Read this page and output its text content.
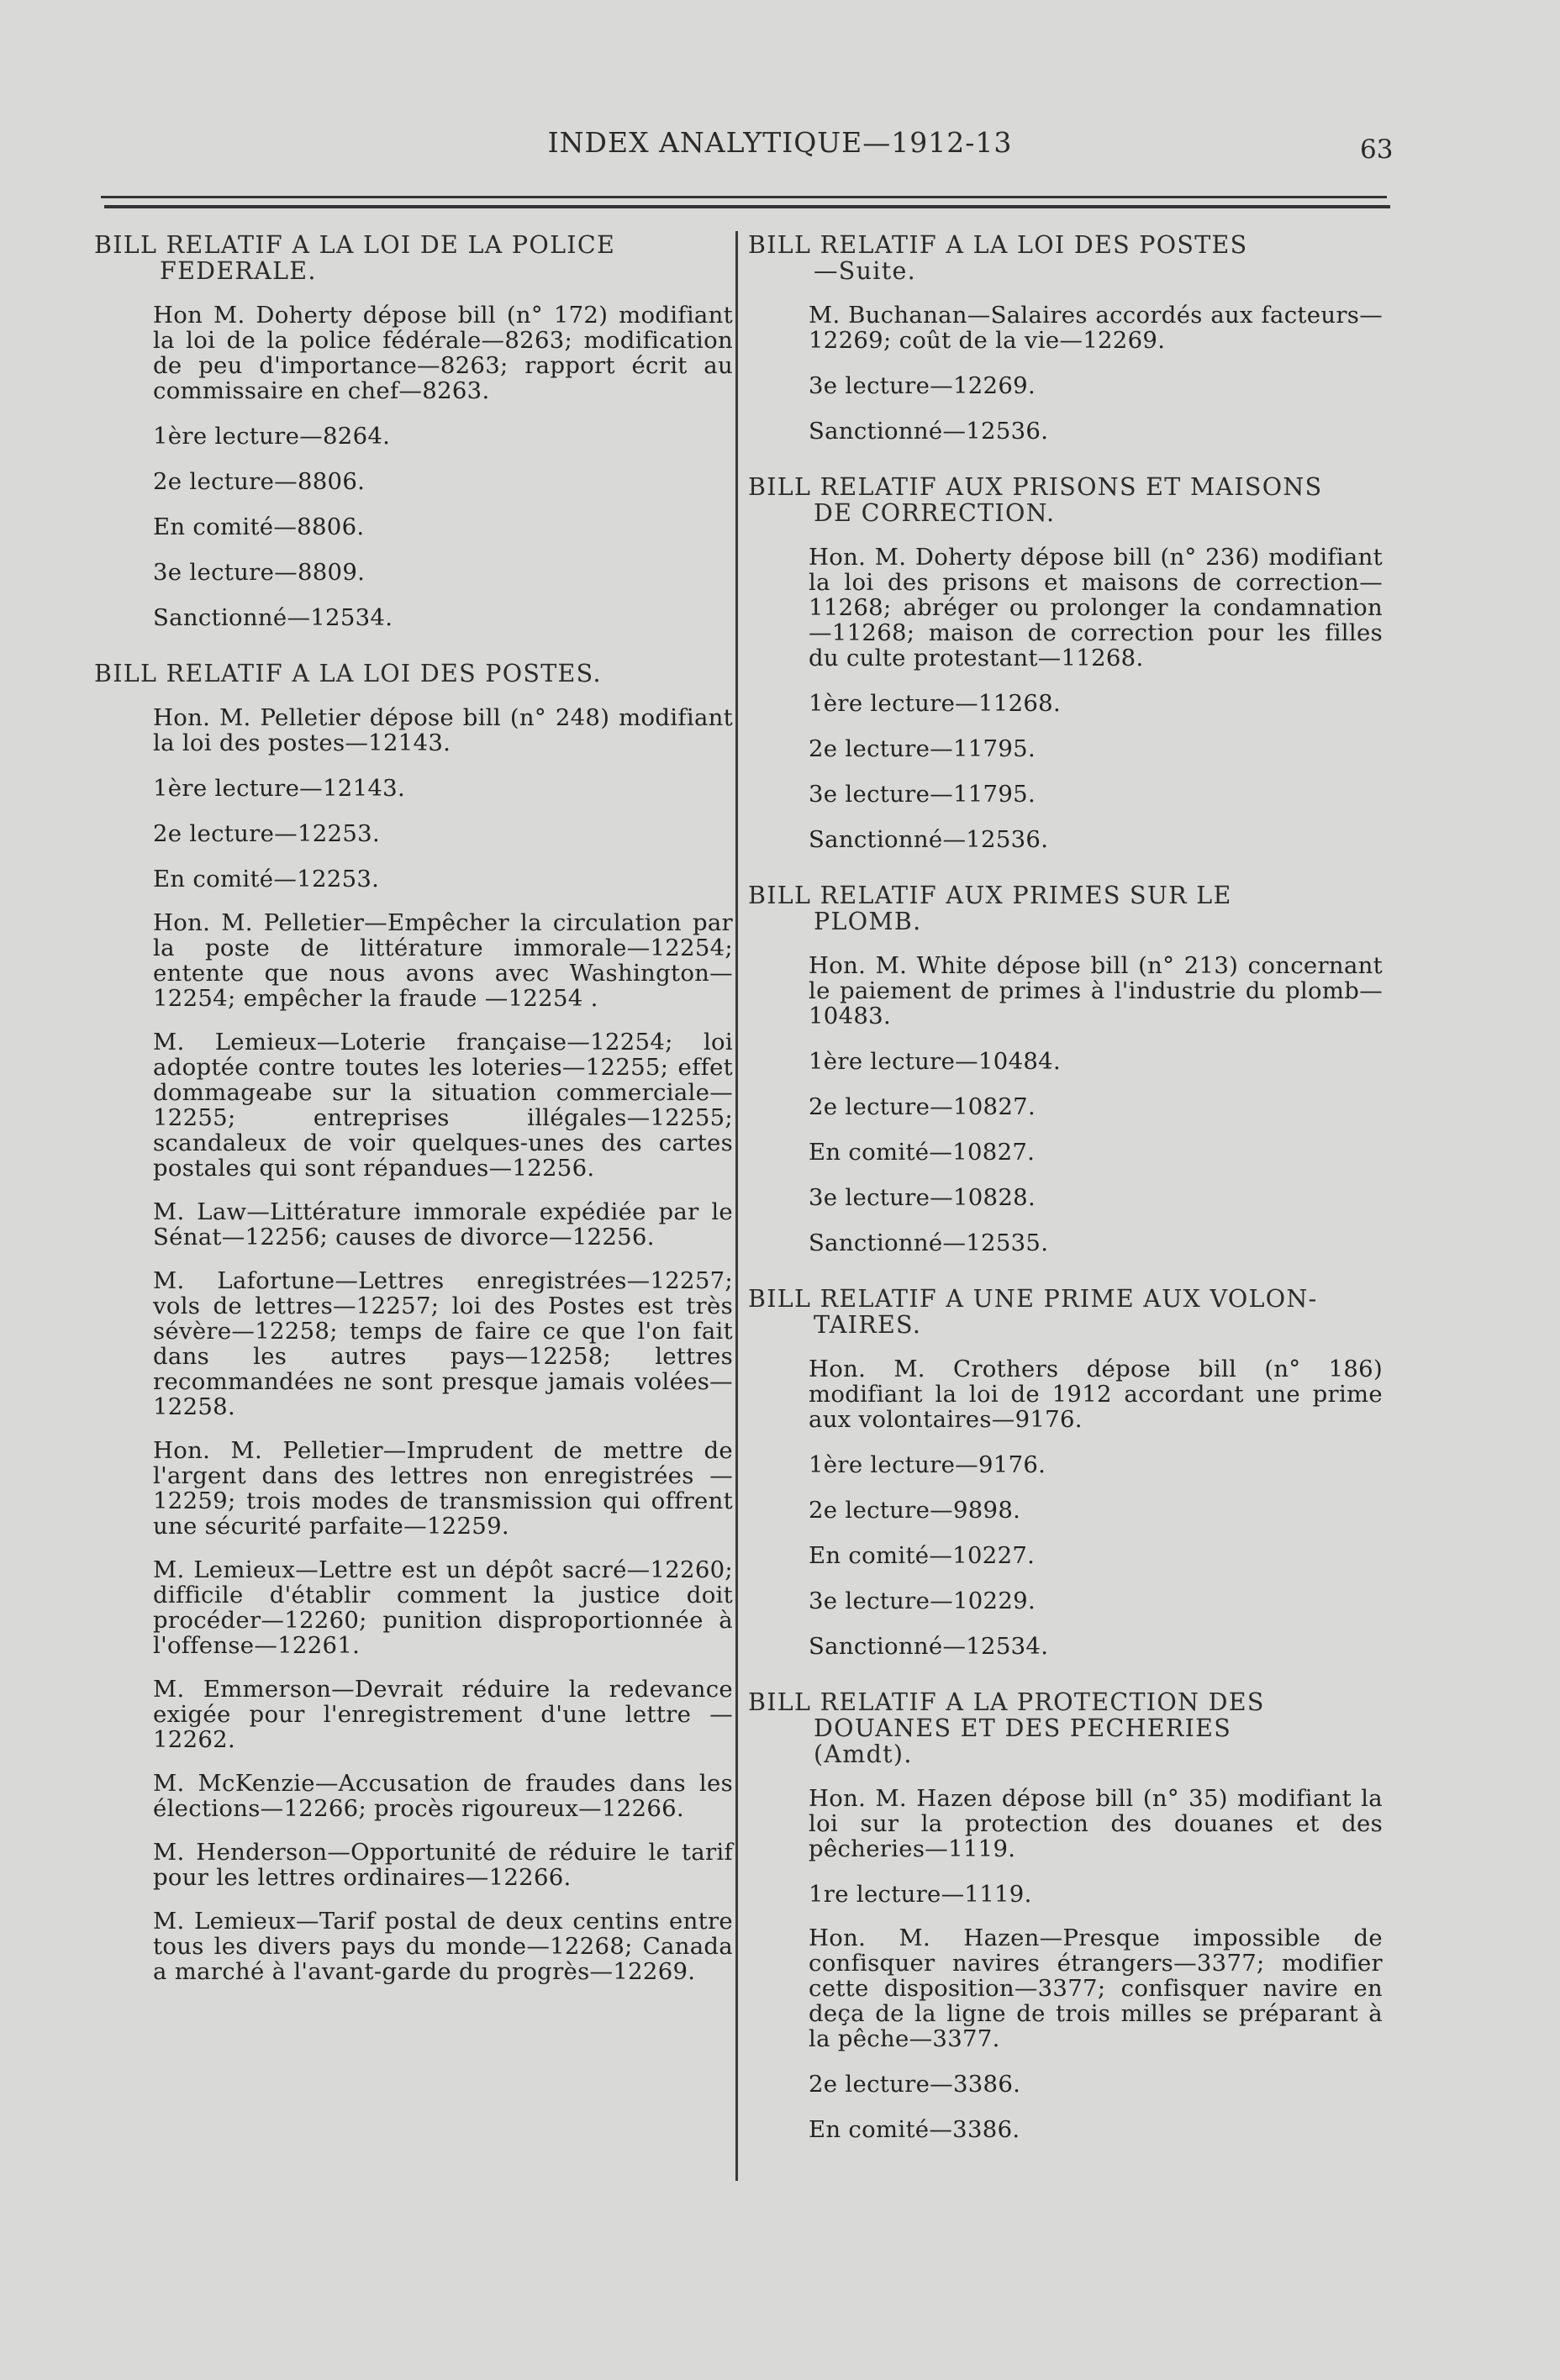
INDEX ANALYTIQUE—1912-13	63
BILL RELATIF A LA LOI DE LA POLICE
FEDERALE.
Hon M. Doherty dépose bill (n° 172) modifiant la loi de la police fédérale—8263; modification de peu d'importance—8263; rapport écrit au commissaire en chef—8263.
1ère lecture—8264.
2e lecture—8806.
En comité—8806.
3e lecture—8809.
Sanctionné—12534.
BILL RELATIF A LA LOI DES POSTES.
Hon. M. Pelletier dépose bill (n° 248) modifiant la loi des postes—12143.
1ère lecture—12143.
2e lecture—12253.
En comité—12253.
Hon. M. Pelletier—Empêcher la circulation par la poste de littérature immorale—12254; entente que nous avons avec Washington—12254; empêcher la fraude —12254 .
M. Lemieux—Loterie française—12254; loi adoptée contre toutes les loteries—12255; effet dommageabe sur la situation commerciale—12255; entreprises illégales—12255; scandaleux de voir quelques-unes des cartes postales qui sont répandues—12256.
M. Law—Littérature immorale expédiée par le Sénat—12256; causes de divorce—12256.
M. Lafortune—Lettres enregistrées—12257; vols de lettres—12257; loi des Postes est très sévère—12258; temps de faire ce que l'on fait dans les autres pays—12258; lettres recommandées ne sont presque jamais volées—12258.
Hon. M. Pelletier—Imprudent de mettre de l'argent dans des lettres non enregistrées —12259; trois modes de transmission qui offrent une sécurité parfaite—12259.
M. Lemieux—Lettre est un dépôt sacré—12260; difficile d'établir comment la justice doit procéder—12260; punition disproportionnée à l'offense—12261.
M. Emmerson—Devrait réduire la redevance exigée pour l'enregistrement d'une lettre —12262.
M. McKenzie—Accusation de fraudes dans les élections—12266; procès rigoureux—12266.
M. Henderson—Opportunité de réduire le tarif pour les lettres ordinaires—12266.
M. Lemieux—Tarif postal de deux centins entre tous les divers pays du monde—12268; Canada a marché à l'avant-garde du progrès—12269.
BILL RELATIF A LA LOI DES POSTES
—Suite.
M. Buchanan—Salaires accordés aux facteurs—12269; coût de la vie—12269.
3e lecture—12269.
Sanctionné—12536.
BILL RELATIF AUX PRISONS ET MAISONS
DE CORRECTION.
Hon. M. Doherty dépose bill (n° 236) modifiant la loi des prisons et maisons de correction—11268; abréger ou prolonger la condamnation—11268; maison de correction pour les filles du culte protestant—11268.
1ère lecture—11268.
2e lecture—11795.
3e lecture—11795.
Sanctionné—12536.
BILL RELATIF AUX PRIMES SUR LE
PLOMB.
Hon. M. White dépose bill (n° 213) concernant le paiement de primes à l'industrie du plomb—10483.
1ère lecture—10484.
2e lecture—10827.
En comité—10827.
3e lecture—10828.
Sanctionné—12535.
BILL RELATIF A UNE PRIME AUX VOLON-
TAIRES.
Hon. M. Crothers dépose bill (n° 186) modifiant la loi de 1912 accordant une prime aux volontaires—9176.
1ère lecture—9176.
2e lecture—9898.
En comité—10227.
3e lecture—10229.
Sanctionné—12534.
BILL RELATIF A LA PROTECTION DES
DOUANES ET DES PECHERIES
(Amdt).
Hon. M. Hazen dépose bill (n° 35) modifiant la loi sur la protection des douanes et des pêcheries—1119.
1re lecture—1119.
Hon. M. Hazen—Presque impossible de confisquer navires étrangers—3377; modifier cette disposition—3377; confisquer navire en deça de la ligne de trois milles se préparant à la pêche—3377.
2e lecture—3386.
En comité—3386.
